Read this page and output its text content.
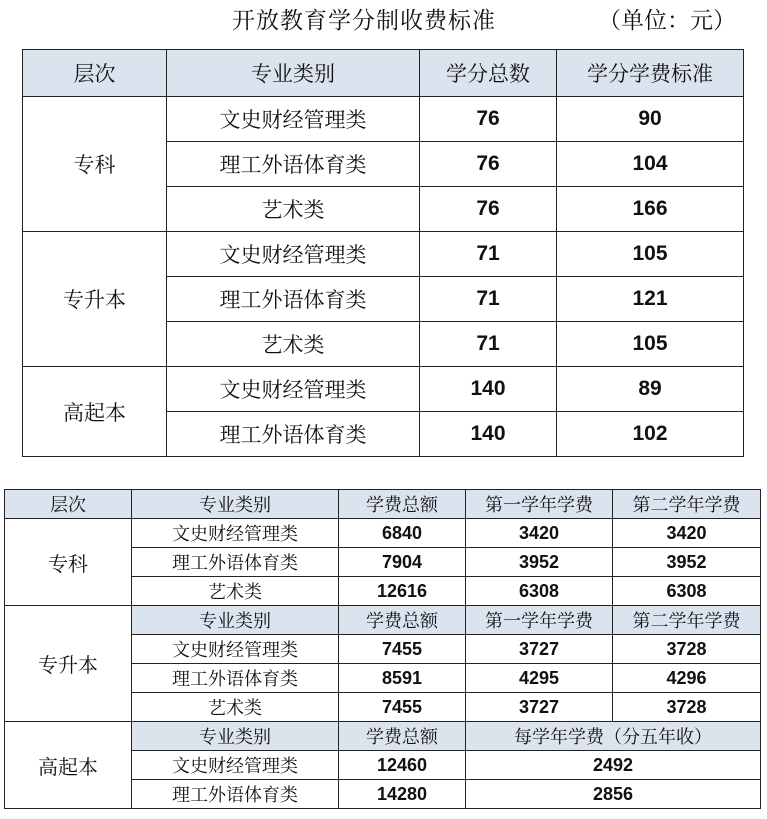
开放教育学分制收费标准	（单位：元）
层次	专业类别	学分总数	学分学费标准
专科	文史财经管理类	76	90
	理工外语体育类	76	104
	艺术类	76	166
专升本	文史财经管理类	71	105
	理工外语体育类	71	121
	艺术类	71	105
高起本	文史财经管理类	140	89
	理工外语体育类	140	102
层次	专业类别	学费总额	第一学年学费	第二学年学费
专科	文史财经管理类	6840	3420	3420
	理工外语体育类	7904	3952	3952
	艺术类	12616	6308	6308
专升本	专业类别	学费总额	第一学年学费	第二学年学费
	文史财经管理类	7455	3727	3728
	理工外语体育类	8591	4295	4296
	艺术类	7455	3727	3728
高起本	专业类别	学费总额	每学年学费（分五年收）	
	文史财经管理类	12460	2492	
	理工外语体育类	14280	2856	
